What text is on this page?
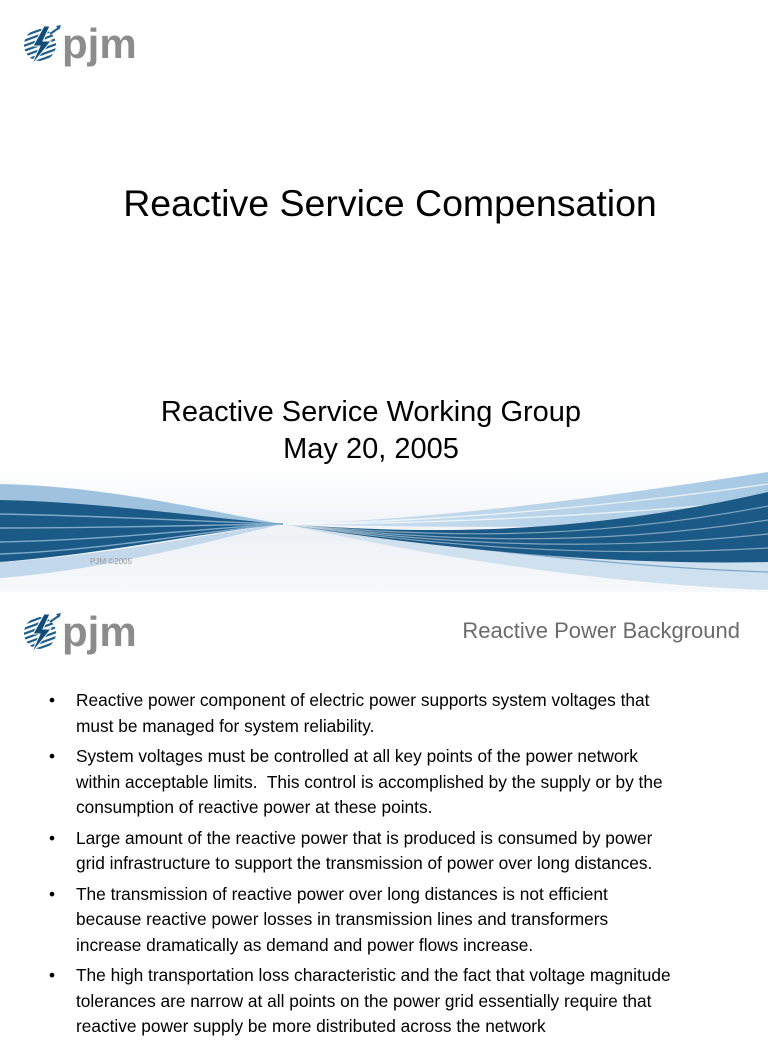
pjm
Reactive Service Compensation
Reactive Service Working Group
May 20, 2005
PJM ©2005
pjm	Reactive Power Background
• Reactive power component of electric power supports system voltages that
must be managed for system reliability.
• System voltages must be controlled at all key points of the power network
within acceptable limits.  This control is accomplished by the supply or by the
consumption of reactive power at these points.
• Large amount of the reactive power that is produced is consumed by power
grid infrastructure to support the transmission of power over long distances.
• The transmission of reactive power over long distances is not efficient
because reactive power losses in transmission lines and transformers
increase dramatically as demand and power flows increase.
• The high transportation loss characteristic and the fact that voltage magnitude
tolerances are narrow at all points on the power grid essentially require that
reactive power supply be more distributed across the network
